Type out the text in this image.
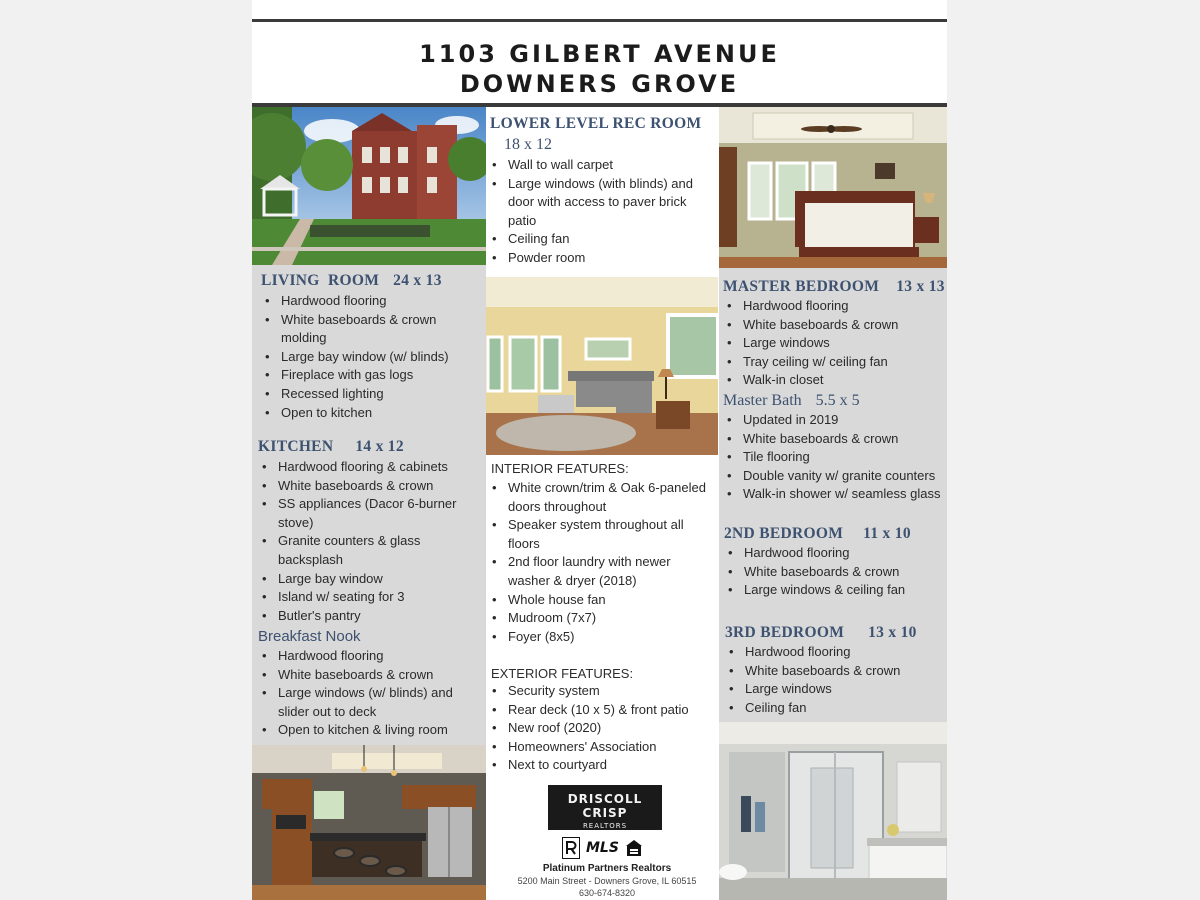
1103 GILBERT AVENUE
DOWNERS GROVE
LIVING  ROOM 24 x 13
• Hardwood flooring
• White baseboards & crown molding
• Large bay window (w/ blinds)
• Fireplace with gas logs
• Recessed lighting
• Open to kitchen
KITCHEN 14 x 12
• Hardwood flooring & cabinets
• White baseboards & crown
• SS appliances (Dacor 6-burner stove)
• Granite counters & glass backsplash
• Large bay window
• Island w/ seating for 3
• Butler's pantry
Breakfast Nook
• Hardwood flooring
• White baseboards & crown
• Large windows (w/ blinds) and slider out to deck
• Open to kitchen & living room
LOWER LEVEL REC ROOM
18 x 12
• Wall to wall carpet
• Large windows (with blinds) and door with access to paver brick patio
• Ceiling fan
• Powder room
INTERIOR FEATURES:
• White crown/trim & Oak 6-paneled doors throughout
• Speaker system throughout all floors
• 2nd floor laundry with newer washer & dryer (2018)
• Whole house fan
• Mudroom (7x7)
• Foyer (8x5)
EXTERIOR FEATURES:
• Security system
• Rear deck (10 x 5) & front patio
• New roof (2020)
• Homeowners' Association
• Next to courtyard
DRISCOLL CRISP
REALTORS
MLS
Platinum Partners Realtors
5200 Main Street - Downers Grove, IL 60515
630-674-8320
MASTER BEDROOM 13 x 13
• Hardwood flooring
• White baseboards & crown
• Large windows
• Tray ceiling w/ ceiling fan
• Walk-in closet
Master Bath 5.5 x 5
• Updated in 2019
• White baseboards & crown
• Tile flooring
• Double vanity w/ granite counters
• Walk-in shower w/ seamless glass
2ND BEDROOM 11 x 10
• Hardwood flooring
• White baseboards & crown
• Large windows & ceiling fan
3RD BEDROOM 13 x 10
• Hardwood flooring
• White baseboards & crown
• Large windows
• Ceiling fan
